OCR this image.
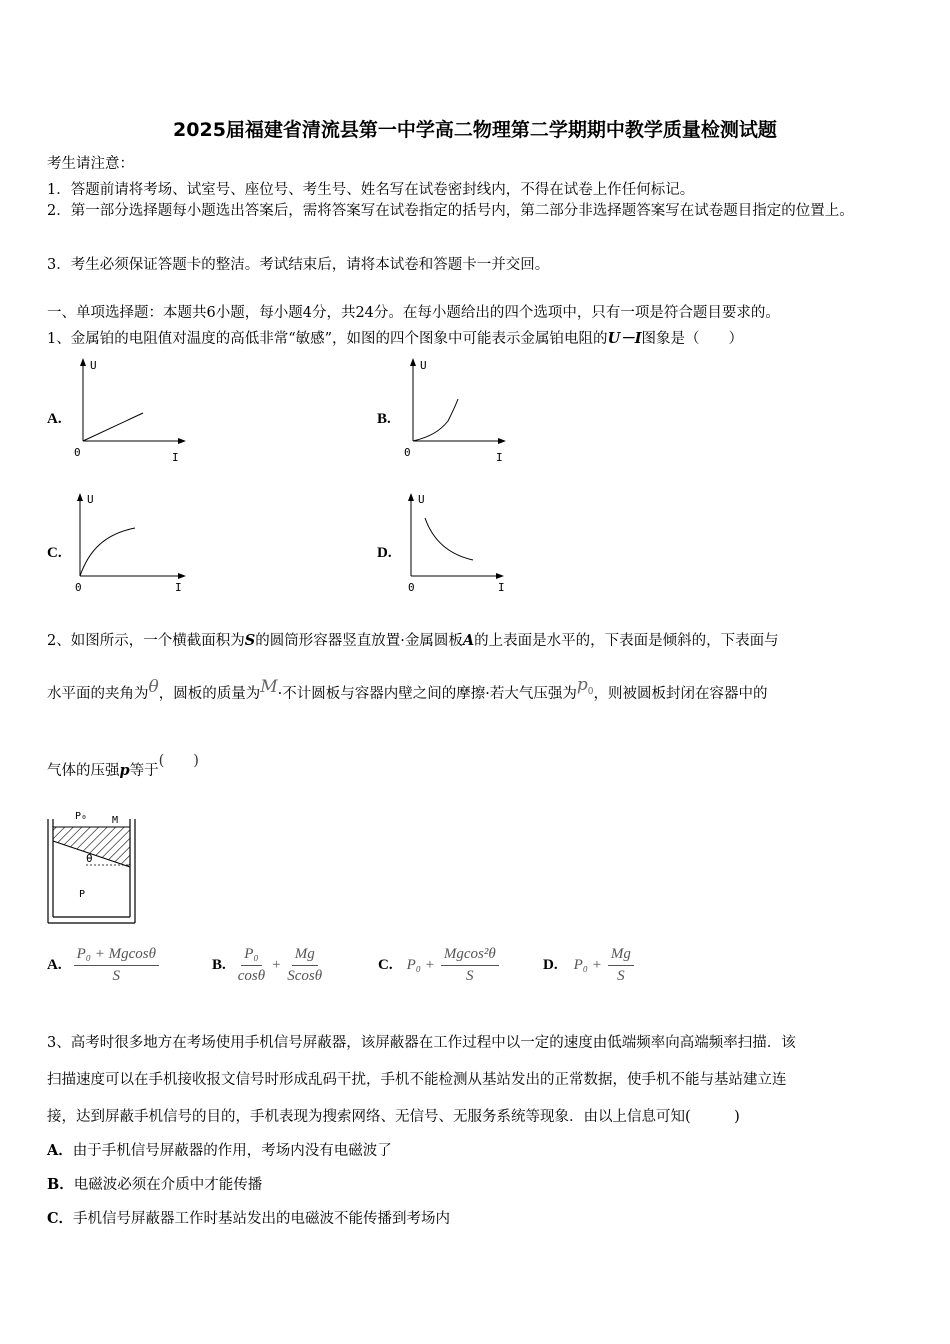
2025届福建省清流县第一中学高二物理第二学期期中教学质量检测试题
考生请注意：
1．答题前请将考场、试室号、座位号、考生号、姓名写在试卷密封线内，不得在试卷上作任何标记。
2．第一部分选择题每小题选出答案后，需将答案写在试卷指定的括号内，第二部分非选择题答案写在试卷题目指定的位置上。
3．考生必须保证答题卡的整洁。考试结束后，请将本试卷和答题卡一并交回。
一、单项选择题：本题共6小题，每小题4分，共24分。在每小题给出的四个选项中，只有一项是符合题目要求的。
1、金属铂的电阻值对温度的高低非常“敏感”，如图的四个图象中可能表示金属铂电阻的U－I图象是（　　）
A.	B.
C.	D.
U
0	I
U
0	I
U
0	I
U
0	I
2、如图所示，一个横截面积为S的圆筒形容器竖直放置·金属圆板A的上表面是水平的，下表面是倾斜的，下表面与
水平面的夹角为θ，圆板的质量为M·不计圆板与容器内壁之间的摩擦·若大气压强为$p_0$，则被圆板封闭在容器中的
气体的压强p等于(　　)
P₀ M
θ
P
A. $\frac{\text{P₀ + Mgcosθ}}{S}$	B. $\frac{\text{P₀}}{\cos\theta} + \frac{Mg}{Scos\theta}$	C. $P_0 + \frac{\text{Mgcos²θ}}{S}$	D. $P_0 + \frac{Mg}{S}$
3、高考时很多地方在考场使用手机信号屏蔽器，该屏蔽器在工作过程中以一定的速度由低端频率向高端频率扫描．该
扫描速度可以在手机接收报文信号时形成乱码干扰，手机不能检测从基站发出的正常数据，使手机不能与基站建立连
接，达到屏蔽手机信号的目的，手机表现为搜索网络、无信号、无服务系统等现象．由以上信息可知(　　　)
A．由于手机信号屏蔽器的作用，考场内没有电磁波了
B．电磁波必须在介质中才能传播
C．手机信号屏蔽器工作时基站发出的电磁波不能传播到考场内
